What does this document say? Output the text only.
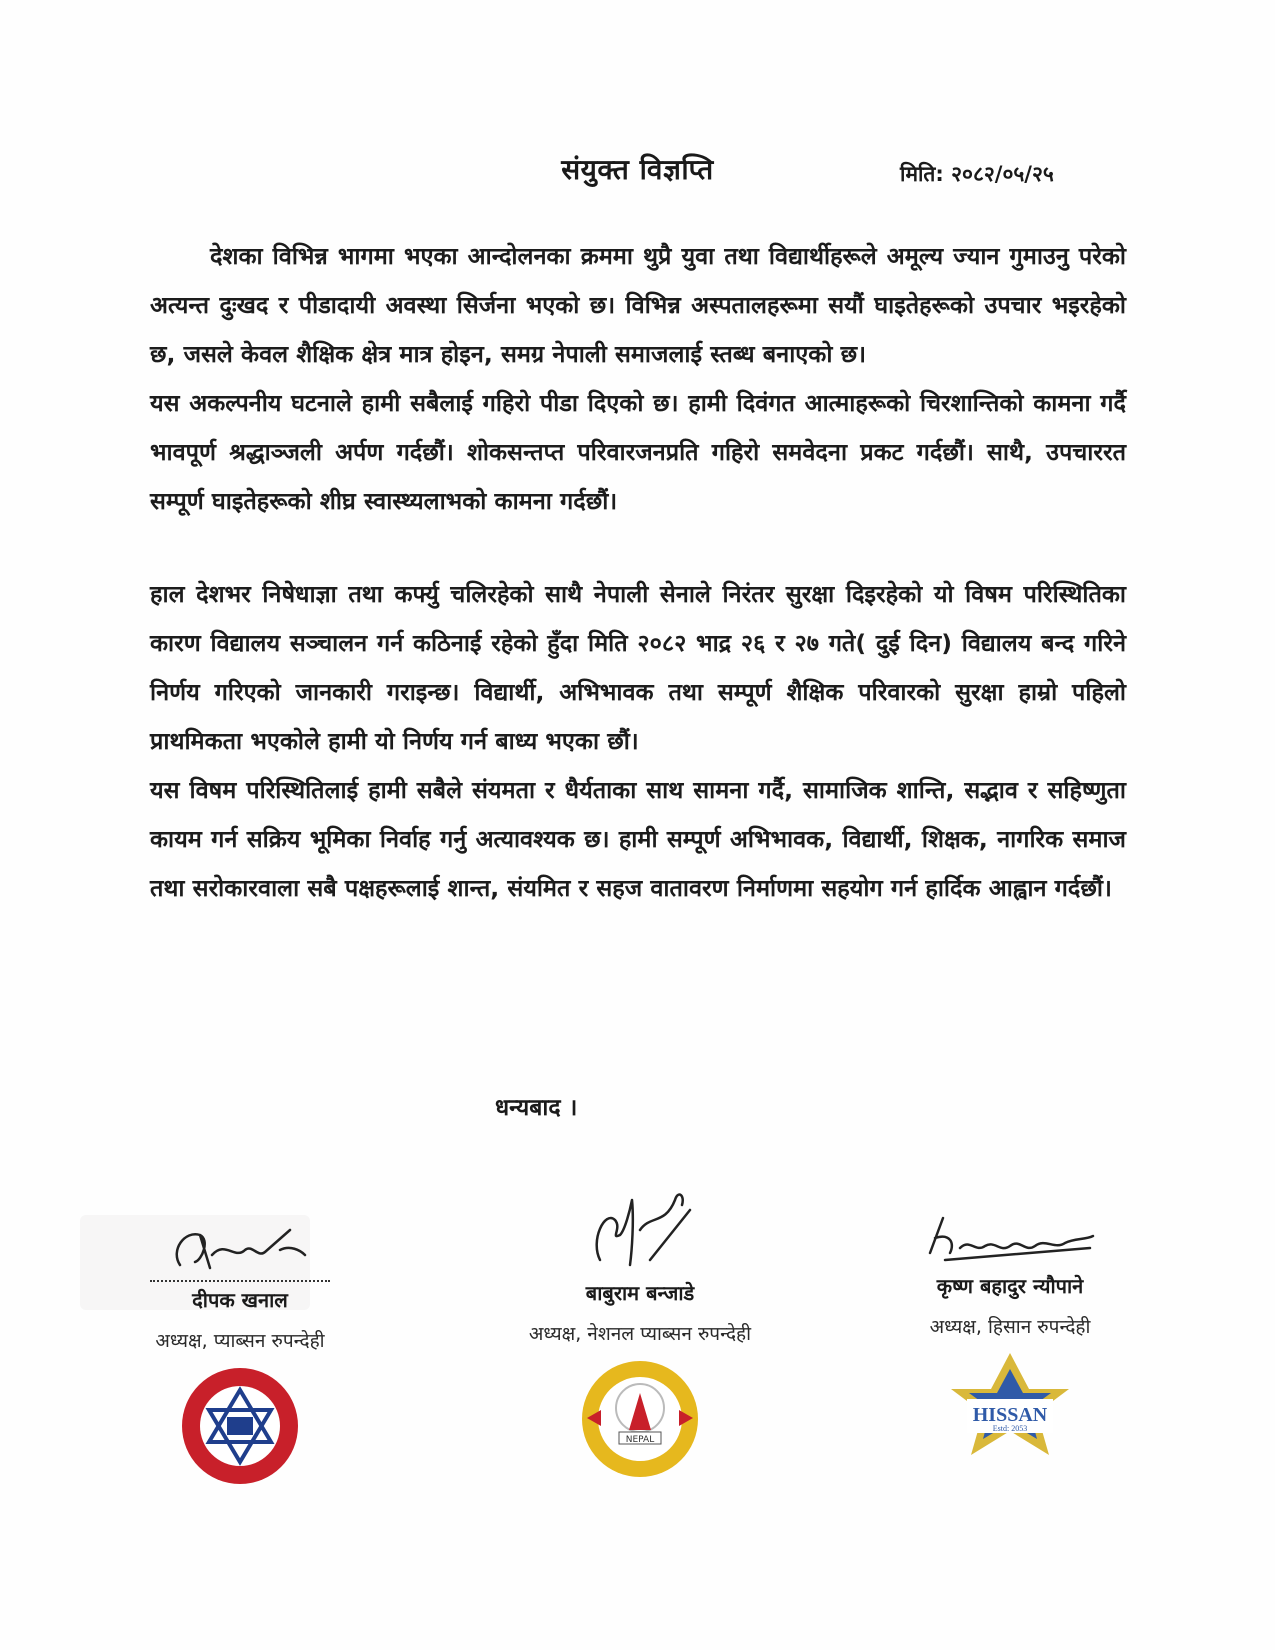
संयुक्त विज्ञप्ति	मिति: २०८२/०५/२५

देशका विभिन्न भागमा भएका आन्दोलनका क्रममा थुप्रै युवा तथा विद्यार्थीहरूले अमूल्य ज्यान गुमाउनु परेको अत्यन्त दुःखद र पीडादायी अवस्था सिर्जना भएको छ। विभिन्न अस्पतालहरूमा सयौं घाइतेहरूको उपचार भइरहेको छ, जसले केवल शैक्षिक क्षेत्र मात्र होइन, समग्र नेपाली समाजलाई स्तब्ध बनाएको छ।

यस अकल्पनीय घटनाले हामी सबैलाई गहिरो पीडा दिएको छ। हामी दिवंगत आत्माहरूको चिरशान्तिको कामना गर्दै भावपूर्ण श्रद्धाञ्जली अर्पण गर्दछौं। शोकसन्तप्त परिवारजनप्रति गहिरो समवेदना प्रकट गर्दछौं। साथै, उपचाररत सम्पूर्ण घाइतेहरूको शीघ्र स्वास्थ्यलाभको कामना गर्दछौं।

हाल देशभर निषेधाज्ञा तथा कर्फ्यु चलिरहेको साथै नेपाली सेनाले निरंतर सुरक्षा दिइरहेको यो विषम परिस्थितिका कारण विद्यालय सञ्चालन गर्न कठिनाई रहेको हुँदा मिति २०८२ भाद्र २६ र २७ गते( दुई दिन) विद्यालय बन्द गरिने निर्णय गरिएको जानकारी गराइन्छ। विद्यार्थी, अभिभावक तथा सम्पूर्ण शैक्षिक परिवारको सुरक्षा हाम्रो पहिलो प्राथमिकता भएकोले हामी यो निर्णय गर्न बाध्य भएका छौं।

यस विषम परिस्थितिलाई हामी सबैले संयमता र धैर्यताका साथ सामना गर्दै, सामाजिक शान्ति, सद्भाव र सहिष्णुता कायम गर्न सक्रिय भूमिका निर्वाह गर्नु अत्यावश्यक छ। हामी सम्पूर्ण अभिभावक, विद्यार्थी, शिक्षक, नागरिक समाज तथा सरोकारवाला सबै पक्षहरूलाई शान्त, संयमित र सहज वातावरण निर्माणमा सहयोग गर्न हार्दिक आह्वान गर्दछौं।

धन्यबाद ।
दीपक खनाल
अध्यक्ष, प्याब्सन रुपन्देही
बाबुराम बन्जाडे
अध्यक्ष, नेशनल प्याब्सन रुपन्देही
NEPAL
कृष्ण बहादुर न्यौपाने
अध्यक्ष, हिसान रुपन्देही
HISSAN
Estd: 2053
